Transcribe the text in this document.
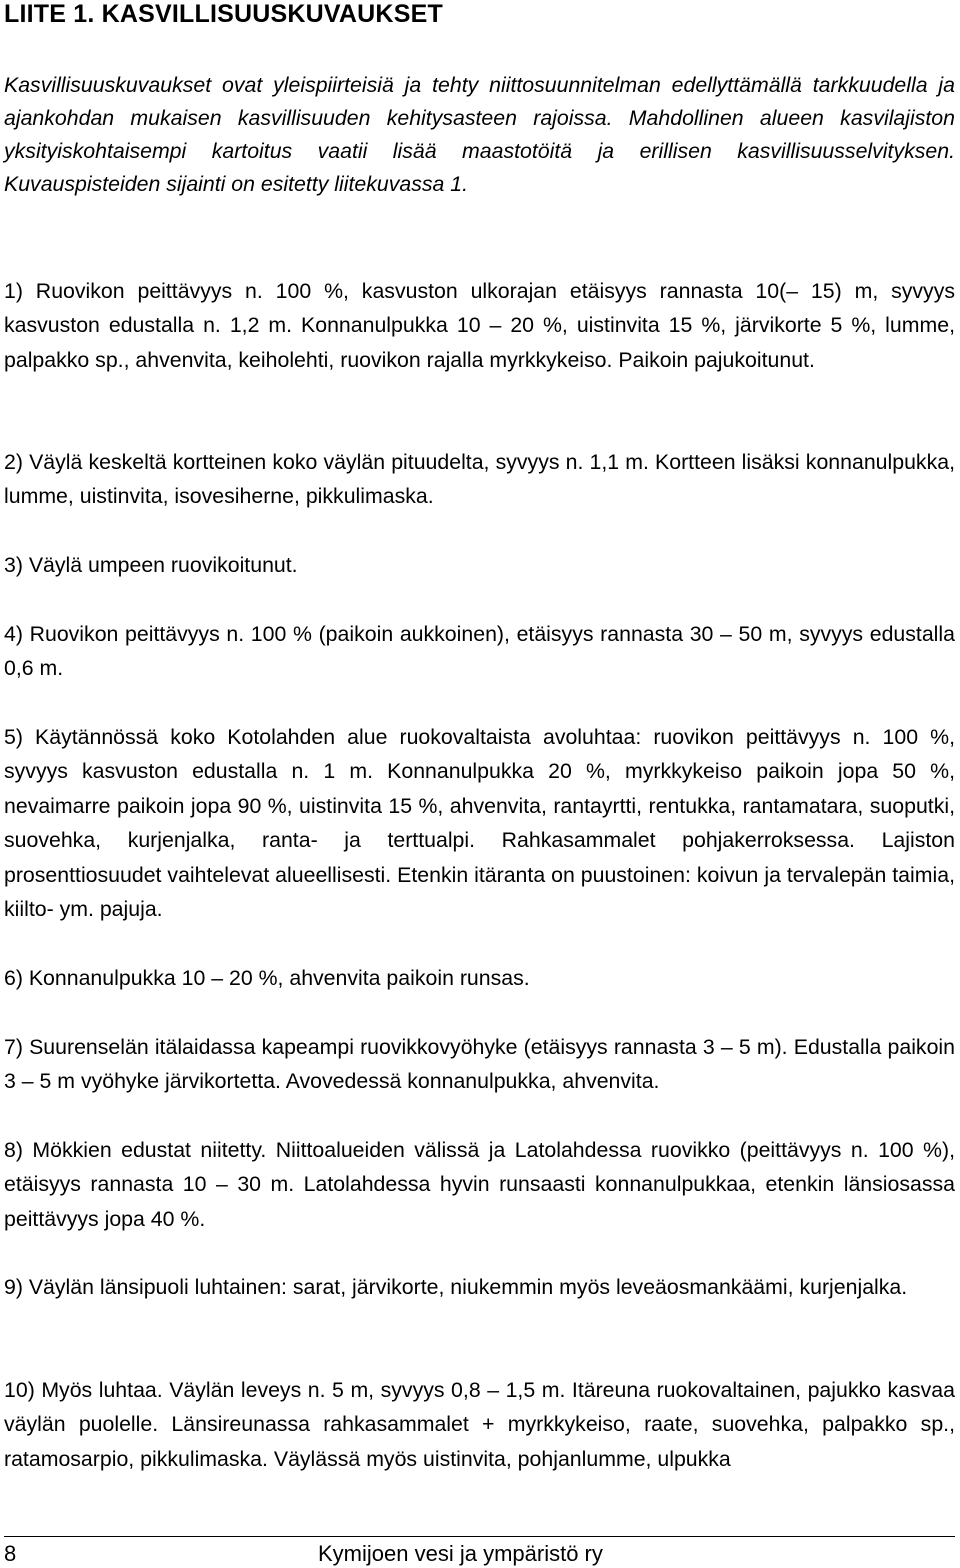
LIITE 1. KASVILLISUUSKUVAUKSET

Kasvillisuuskuvaukset ovat yleispiirteisiä ja tehty niittosuunnitelman edellyttämällä tarkkuudella ja ajankohdan mukaisen kasvillisuuden kehitysasteen rajoissa. Mahdollinen alueen kasvilajiston yksityiskohtaisempi kartoitus vaatii lisää maastotöitä ja erillisen kasvillisuusselvityksen. Kuvauspisteiden sijainti on esitetty liitekuvassa 1.

1) Ruovikon peittävyys n. 100 %, kasvuston ulkorajan etäisyys rannasta 10(– 15) m, syvyys kasvuston edustalla n. 1,2 m. Konnanulpukka 10 – 20 %, uistinvita 15 %, järvikorte 5 %, lumme, palpakko sp., ahvenvita, keiholehti, ruovikon rajalla myrkkykeiso. Paikoin pajukoitunut.

2) Väylä keskeltä kortteinen koko väylän pituudelta, syvyys n. 1,1 m. Kortteen lisäksi konnanulpukka, lumme, uistinvita, isovesiherne, pikkulimaska.

3) Väylä umpeen ruovikoitunut.

4) Ruovikon peittävyys n. 100 % (paikoin aukkoinen), etäisyys rannasta 30 – 50 m, syvyys edustalla 0,6 m.

5) Käytännössä koko Kotolahden alue ruokovaltaista avoluhtaa: ruovikon peittävyys n. 100 %, syvyys kasvuston edustalla n. 1 m. Konnanulpukka 20 %, myrkkykeiso paikoin jopa 50 %, nevaimarre paikoin jopa 90 %, uistinvita 15 %, ahvenvita, rantayrtti, rentukka, rantamatara, suoputki, suovehka, kurjenjalka, ranta- ja terttualpi. Rahkasammalet pohjakerroksessa. Lajiston prosenttiosuudet vaihtelevat alueellisesti. Etenkin itäranta on puustoinen: koivun ja tervalepän taimia, kiilto- ym. pajuja.

6) Konnanulpukka 10 – 20 %, ahvenvita paikoin runsas.

7) Suurenselän itälaidassa kapeampi ruovikkovyöhyke (etäisyys rannasta 3 – 5 m). Edustalla paikoin 3 – 5 m vyöhyke järvikortetta. Avovedessä konnanulpukka, ahvenvita.

8) Mökkien edustat niitetty. Niittoalueiden välissä ja Latolahdessa ruovikko (peittävyys n. 100 %), etäisyys rannasta 10 – 30 m. Latolahdessa hyvin runsaasti konnanulpukkaa, etenkin länsiosassa peittävyys jopa 40 %.

9) Väylän länsipuoli luhtainen: sarat, järvikorte, niukemmin myös leveäosmankäämi, kurjenjalka.

10) Myös luhtaa. Väylän leveys n. 5 m, syvyys 0,8 – 1,5 m. Itäreuna ruokovaltainen, pajukko kasvaa väylän puolelle. Länsireunassa rahkasammalet + myrkkykeiso, raate, suovehka, palpakko sp., ratamosarpio, pikkulimaska. Väylässä myös uistinvita, pohjanlumme, ulpukka

8	Kymijoen vesi ja ympäristö ry
